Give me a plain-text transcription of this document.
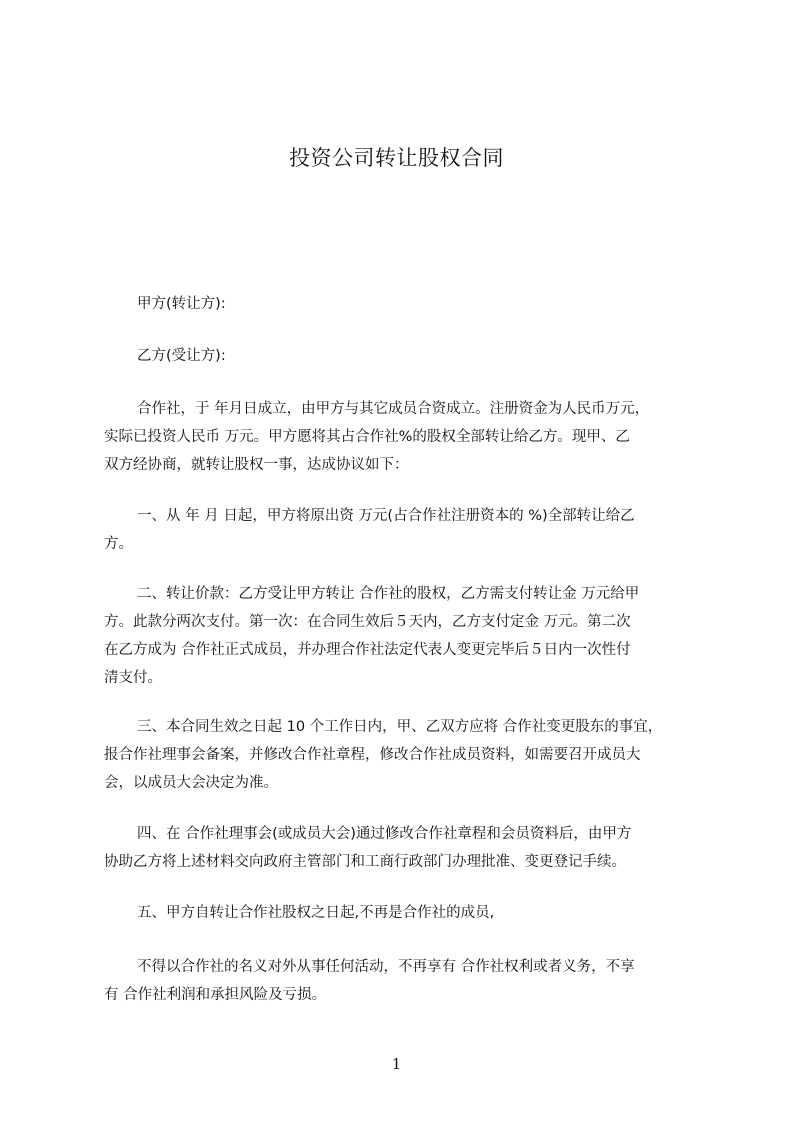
投资公司转让股权合同

甲方(转让方):

乙方(受让方):

合作社，于 年月日成立，由甲方与其它成员合资成立。注册资金为人民币万元，
实际已投资人民币 万元。甲方愿将其占合作社%的股权全部转让给乙方。现甲、乙
双方经协商，就转让股权一事，达成协议如下：

一、从 年 月 日起，甲方将原出资 万元(占合作社注册资本的 %)全部转让给乙
方。

二、转让价款：乙方受让甲方转让 合作社的股权，乙方需支付转让金 万元给甲
方。此款分两次支付。第一次：在合同生效后５天内，乙方支付定金 万元。第二次
在乙方成为 合作社正式成员，并办理合作社法定代表人变更完毕后５日内一次性付
清支付。

三、本合同生效之日起 10 个工作日内，甲、乙双方应将 合作社变更股东的事宜，
报合作社理事会备案，并修改合作社章程，修改合作社成员资料，如需要召开成员大
会，以成员大会决定为准。

四、在 合作社理事会(或成员大会)通过修改合作社章程和会员资料后，由甲方
协助乙方将上述材料交向政府主管部门和工商行政部门办理批准、变更登记手续。

五、甲方自转让合作社股权之日起,不再是合作社的成员,

不得以合作社的名义对外从事任何活动，不再享有 合作社权利或者义务，不享
有 合作社利润和承担风险及亏损。

1
